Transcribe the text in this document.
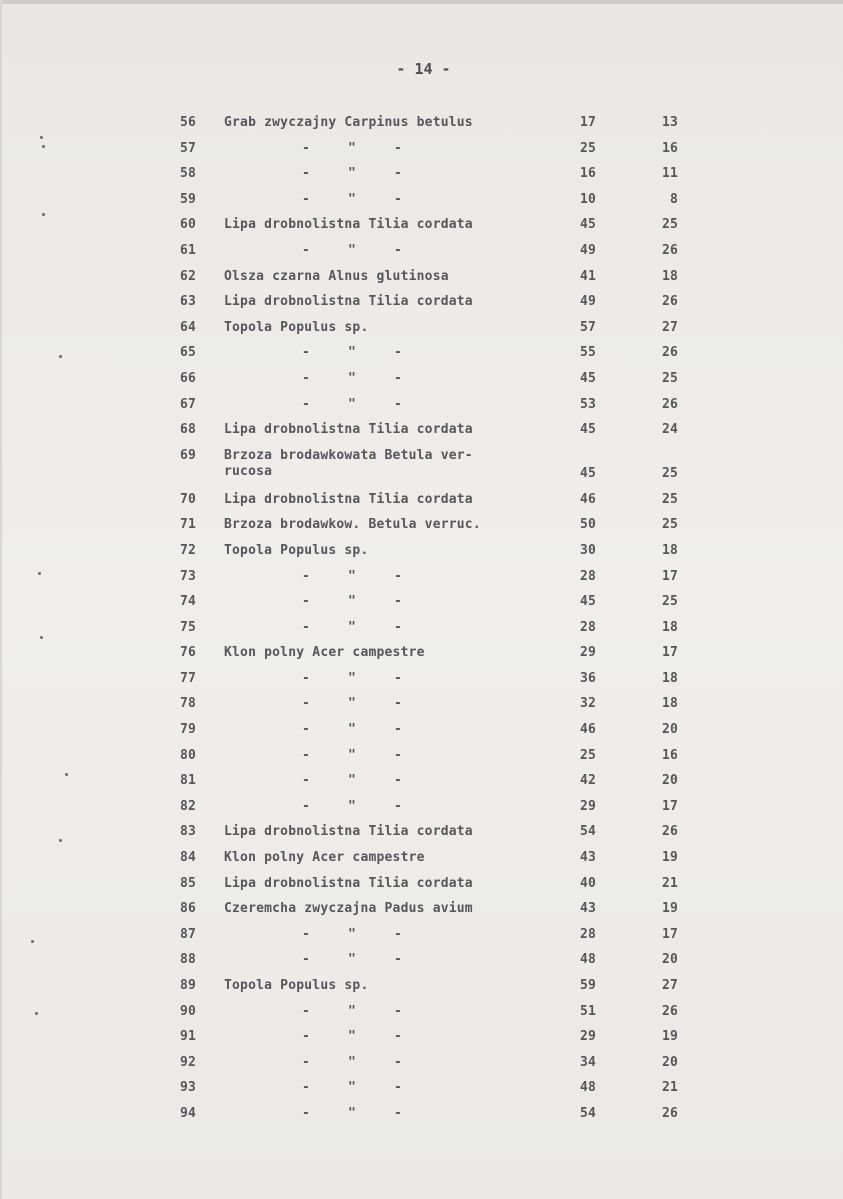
- 14 -
56	Grab zwyczajny Carpinus betulus	17	13
57	-	"	-	25	16
58	-	"	-	16	11
59	-	"	-	10	8
60	Lipa drobnolistna Tilia cordata	45	25
61	-	"	-	49	26
62	Olsza czarna Alnus glutinosa	41	18
63	Lipa drobnolistna Tilia cordata	49	26
64	Topola Populus sp.	57	27
65	-	"	-	55	26
66	-	"	-	45	25
67	-	"	-	53	26
68	Lipa drobnolistna Tilia cordata	45	24
69	Brzoza brodawkowata Betula ver-
rucosa	45	25
70	Lipa drobnolistna Tilia cordata	46	25
71	Brzoza brodawkow. Betula verruc.	50	25
72	Topola Populus sp.	30	18
73	-	"	-	28	17
74	-	"	-	45	25
75	-	"	-	28	18
76	Klon polny Acer campestre	29	17
77	-	"	-	36	18
78	-	"	-	32	18
79	-	"	-	46	20
80	-	"	-	25	16
81	-	"	-	42	20
82	-	"	-	29	17
83	Lipa drobnolistna Tilia cordata	54	26
84	Klon polny Acer campestre	43	19
85	Lipa drobnolistna Tilia cordata	40	21
86	Czeremcha zwyczajna Padus avium	43	19
87	-	"	-	28	17
88	-	"	-	48	20
89	Topola Populus sp.	59	27
90	-	"	-	51	26
91	-	"	-	29	19
92	-	"	-	34	20
93	-	"	-	48	21
94	-	"	-	54	26
